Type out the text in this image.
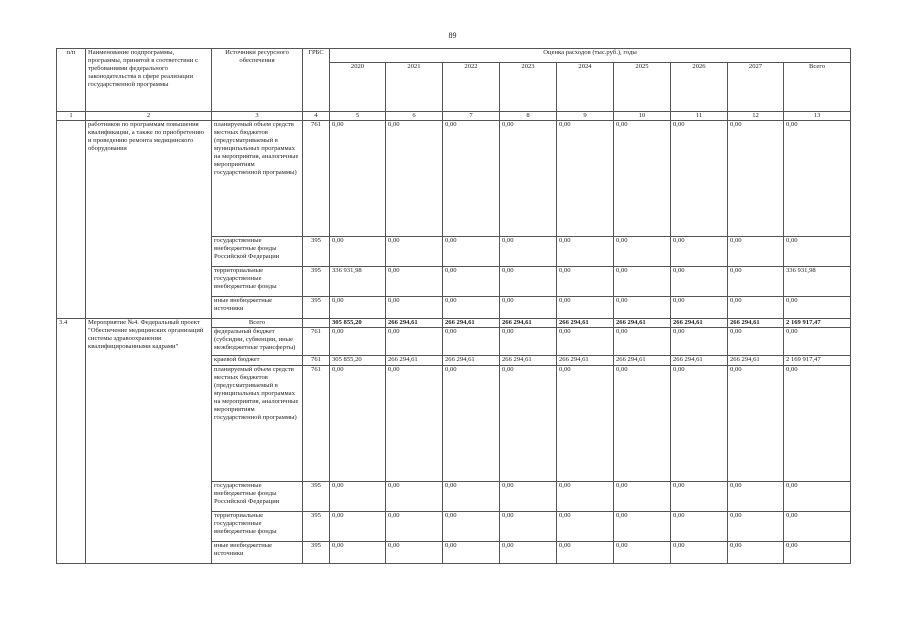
89
п/п	Наименование подпрограммы, программы, принятой в соответствии с требованиями федерального законодательства в сфере реализации государственной программы	Источники ресурсного обеспечения	ГРБС	Оценка расходов (тыс.руб.), годы								
				2020	2021	2022	2023	2024	2025	2026	2027	Всего
1	2	3	4	5	6	7	8	9	10	11	12	13
	работников по программам повышения квалификации, а также по приобретению и проведению ремонта медицинского оборудования	планируемый объем средств местных бюджетов (предусматриваемый в муниципальных программах на мероприятия, аналогичные мероприятиям государственной программы)	761	0,00	0,00	0,00	0,00	0,00	0,00	0,00	0,00	0,00
		государственные внебюджетные фонды Российской Федерации	395	0,00	0,00	0,00	0,00	0,00	0,00	0,00	0,00	0,00
		территориальные государственные внебюджетные фонды	395	336 931,98	0,00	0,00	0,00	0,00	0,00	0,00	0,00	336 931,98
		иные внебюджетные источники	395	0,00	0,00	0,00	0,00	0,00	0,00	0,00	0,00	0,00
3.4	Мероприятие №4. Федеральный проект "Обеспечение медицинских организаций системы здравоохранения квалифицированными кадрами"	Всего		305 855,20	266 294,61	266 294,61	266 294,61	266 294,61	266 294,61	266 294,61	266 294,61	2 169 917,47
		федеральный бюджет (субсидии, субвенции, иные межбюджетные трансферты)	761	0,00	0,00	0,00	0,00	0,00	0,00	0,00	0,00	0,00
		краевой бюджет	761	305 855,20	266 294,61	266 294,61	266 294,61	266 294,61	266 294,61	266 294,61	266 294,61	2 169 917,47
		планируемый объем средств местных бюджетов (предусматриваемый в муниципальных программах на мероприятия, аналогичные мероприятиям государственной программы)	761	0,00	0,00	0,00	0,00	0,00	0,00	0,00	0,00	0,00
		государственные внебюджетные фонды Российской Федерации	395	0,00	0,00	0,00	0,00	0,00	0,00	0,00	0,00	0,00
		территориальные государственные внебюджетные фонды	395	0,00	0,00	0,00	0,00	0,00	0,00	0,00	0,00	0,00
		иные внебюджетные источники	395	0,00	0,00	0,00	0,00	0,00	0,00	0,00	0,00	0,00
